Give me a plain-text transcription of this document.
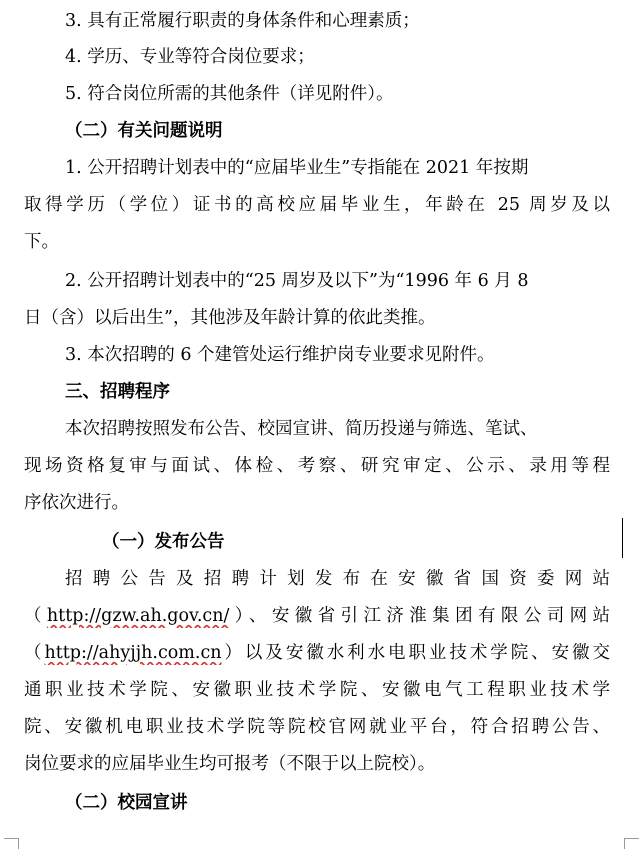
3. 具有正常履行职责的身体条件和心理素质；
4. 学历、专业等符合岗位要求；
5. 符合岗位所需的其他条件（详见附件）。
（二）有关问题说明
1. 公开招聘计划表中的“应届毕业生”专指能在 2021 年按期
取得学历（学位）证书的高校应届毕业生，年龄在 25 周岁及以
下。
2. 公开招聘计划表中的“25 周岁及以下”为“1996 年 6 月 8
日（含）以后出生”，其他涉及年龄计算的依此类推。
3. 本次招聘的 6 个建管处运行维护岗专业要求见附件。
三、招聘程序
本次招聘按照发布公告、校园宣讲、简历投递与筛选、笔试、
现场资格复审与面试、体检、考察、研究审定、公示、录用等程
序依次进行。
（一）发布公告
招聘公告及招聘计划发布在安徽省国资委网站
（http://gzw.ah.gov.cn/）、安徽省引江济淮集团有限公司网站
（http://ahyjjh.com.cn）以及安徽水利水电职业技术学院、安徽交
通职业技术学院、安徽职业技术学院、安徽电气工程职业技术学
院、安徽机电职业技术学院等院校官网就业平台，符合招聘公告、
岗位要求的应届毕业生均可报考（不限于以上院校）。
（二）校园宣讲
